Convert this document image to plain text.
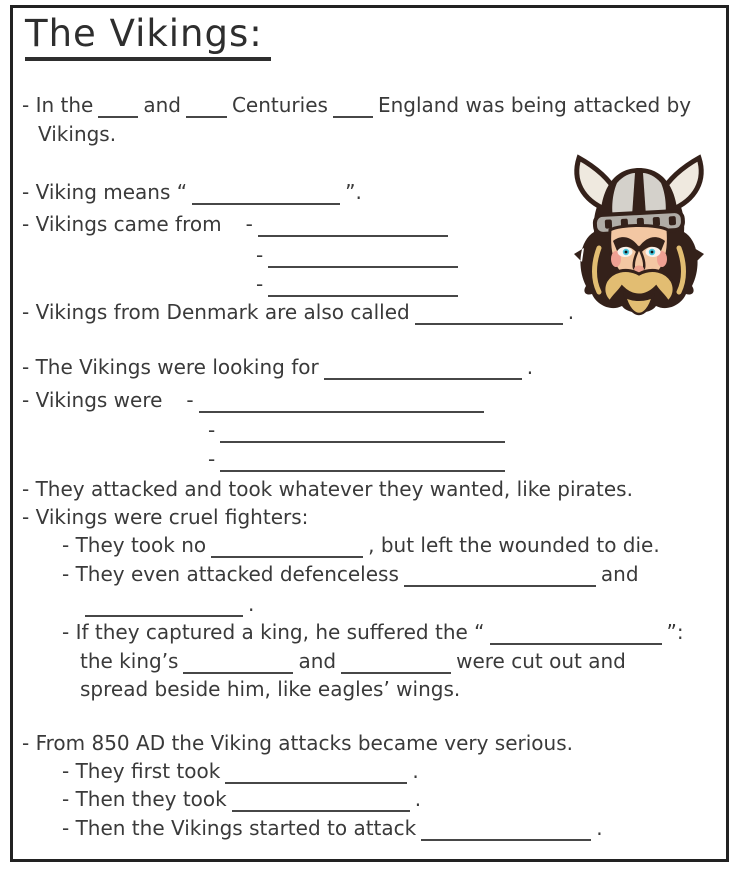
The Vikings:
- In the	and	Centuries	England was being attacked by
Vikings.
- Viking means “	”.
- Vikings came from -
-
-
- Vikings from Denmark are also called	.
- The Vikings were looking for	.
- Vikings were -
-
-
- They attacked and took whatever they wanted, like pirates.
- Vikings were cruel fighters:
- They took no	, but left the wounded to die.
- They even attacked defenceless	and
.
- If they captured a king, he suffered the “	”:
the king’s	and	were cut out and
spread beside him, like eagles’ wings.
- From 850 AD the Viking attacks became very serious.
- They first took	.
- Then they took	.
- Then the Vikings started to attack	.
